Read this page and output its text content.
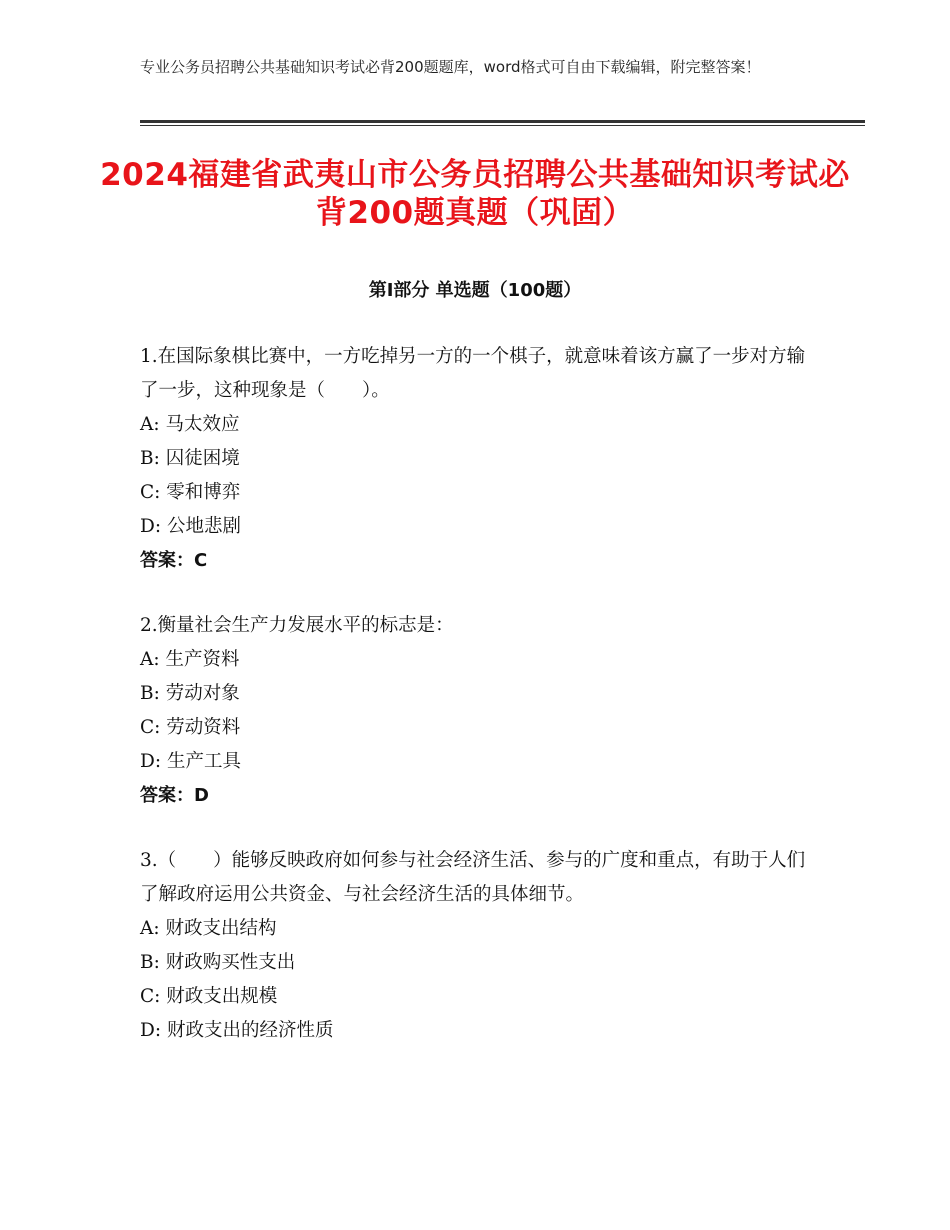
专业公务员招聘公共基础知识考试必背200题题库，word格式可自由下载编辑，附完整答案！
2024福建省武夷山市公务员招聘公共基础知识考试必背200题真题（巩固）
第I部分 单选题（100题）

1.在国际象棋比赛中，一方吃掉另一方的一个棋子，就意味着该方赢了一步对方输了一步，这种现象是（　　）。

A: 马太效应

B: 囚徒困境

C: 零和博弈

D: 公地悲剧

答案：C

2.衡量社会生产力发展水平的标志是：

A: 生产资料

B: 劳动对象

C: 劳动资料

D: 生产工具

答案：D

3.（　　）能够反映政府如何参与社会经济生活、参与的广度和重点，有助于人们了解政府运用公共资金、与社会经济生活的具体细节。

A: 财政支出结构

B: 财政购买性支出

C: 财政支出规模

D: 财政支出的经济性质
